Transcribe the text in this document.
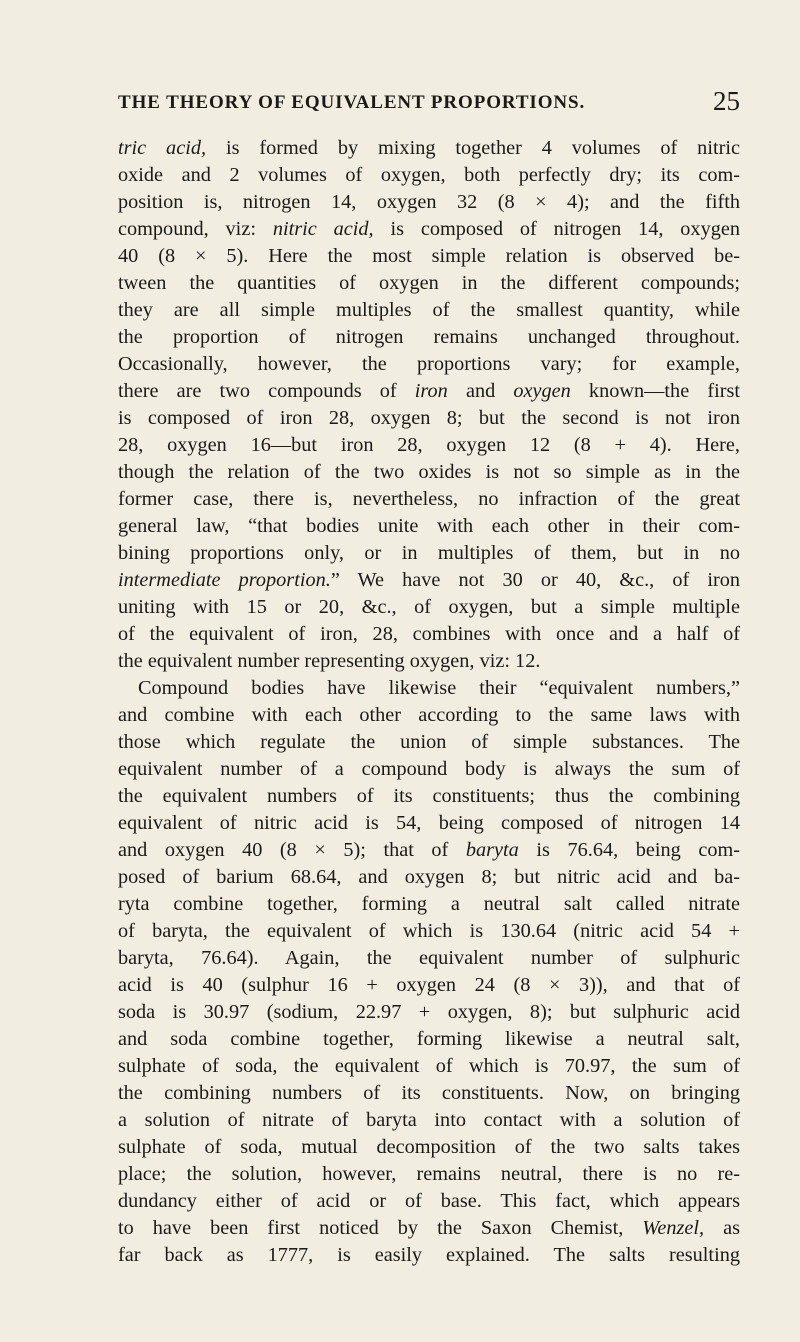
THE THEORY OF EQUIVALENT PROPORTIONS.	25
tric acid, is formed by mixing together 4 volumes of nitric
oxide and 2 volumes of oxygen, both perfectly dry; its com-
position is, nitrogen 14, oxygen 32 (8 × 4); and the fifth
compound, viz: nitric acid, is composed of nitrogen 14, oxygen
40 (8 × 5). Here the most simple relation is observed be-
tween the quantities of oxygen in the different compounds;
they are all simple multiples of the smallest quantity, while
the proportion of nitrogen remains unchanged throughout.
Occasionally, however, the proportions vary; for example,
there are two compounds of iron and oxygen known—the first
is composed of iron 28, oxygen 8; but the second is not iron
28, oxygen 16—but iron 28, oxygen 12 (8 + 4). Here,
though the relation of the two oxides is not so simple as in the
former case, there is, nevertheless, no infraction of the great
general law, “that bodies unite with each other in their com-
bining proportions only, or in multiples of them, but in no
intermediate proportion.” We have not 30 or 40, &c., of iron
uniting with 15 or 20, &c., of oxygen, but a simple multiple
of the equivalent of iron, 28, combines with once and a half of
the equivalent number representing oxygen, viz: 12.
Compound bodies have likewise their “equivalent numbers,”
and combine with each other according to the same laws with
those which regulate the union of simple substances. The
equivalent number of a compound body is always the sum of
the equivalent numbers of its constituents; thus the combining
equivalent of nitric acid is 54, being composed of nitrogen 14
and oxygen 40 (8 × 5); that of baryta is 76.64, being com-
posed of barium 68.64, and oxygen 8; but nitric acid and ba-
ryta combine together, forming a neutral salt called nitrate
of baryta, the equivalent of which is 130.64 (nitric acid 54 +
baryta, 76.64). Again, the equivalent number of sulphuric
acid is 40 (sulphur 16 + oxygen 24 (8 × 3)), and that of
soda is 30.97 (sodium, 22.97 + oxygen, 8); but sulphuric acid
and soda combine together, forming likewise a neutral salt,
sulphate of soda, the equivalent of which is 70.97, the sum of
the combining numbers of its constituents. Now, on bringing
a solution of nitrate of baryta into contact with a solution of
sulphate of soda, mutual decomposition of the two salts takes
place; the solution, however, remains neutral, there is no re-
dundancy either of acid or of base. This fact, which appears
to have been first noticed by the Saxon Chemist, Wenzel, as
far back as 1777, is easily explained. The salts resulting
